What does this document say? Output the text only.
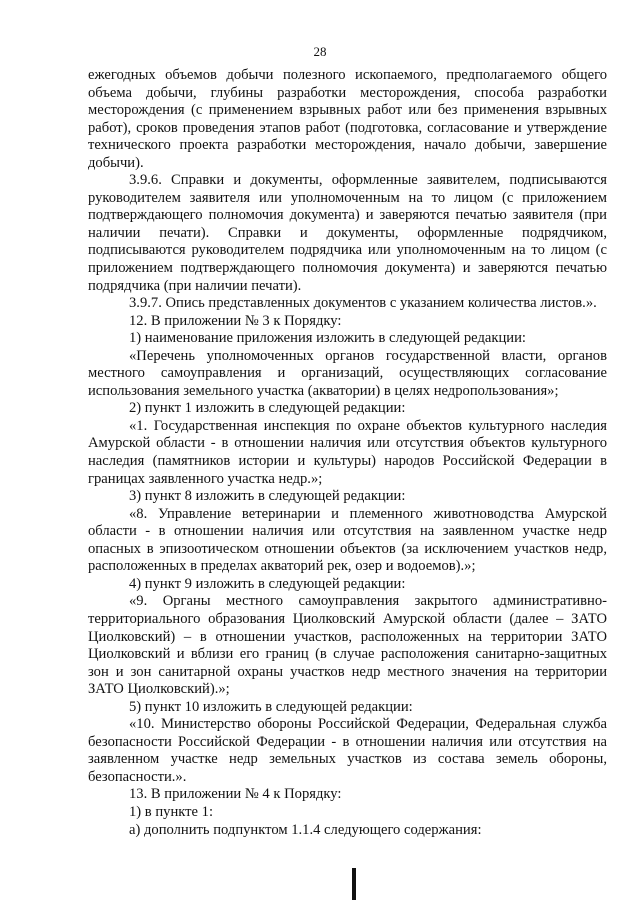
28

ежегодных объемов добычи полезного ископаемого, предполагаемого общего объема добычи, глубины разработки месторождения, способа разработки месторождения (с применением взрывных работ или без применения взрывных работ), сроков проведения этапов работ (подготовка, согласование и утверждение технического проекта разработки месторождения, начало добычи, завершение добычи).

3.9.6. Справки и документы, оформленные заявителем, подписываются руководителем заявителя или уполномоченным на то лицом (с приложением подтверждающего полномочия документа) и заверяются печатью заявителя (при наличии печати). Справки и документы, оформленные подрядчиком, подписываются руководителем подрядчика или уполномоченным на то лицом (с приложением подтверждающего полномочия документа) и заверяются печатью подрядчика (при наличии печати).

3.9.7. Опись представленных документов с указанием количества листов.».

12. В приложении № 3 к Порядку:

1) наименование приложения изложить в следующей редакции:

«Перечень уполномоченных органов государственной власти, органов местного самоуправления и организаций, осуществляющих согласование использования земельного участка (акватории) в целях недропользования»;

2) пункт 1 изложить в следующей редакции:

«1. Государственная инспекция по охране объектов культурного наследия Амурской области - в отношении наличия или отсутствия объектов культурного наследия (памятников истории и культуры) народов Российской Федерации в границах заявленного участка недр.»;

3) пункт 8 изложить в следующей редакции:

«8. Управление ветеринарии и племенного животноводства Амурской области - в отношении наличия или отсутствия на заявленном участке недр опасных в эпизоотическом отношении объектов (за исключением участков недр, расположенных в пределах акваторий рек, озер и водоемов).»;

4) пункт 9 изложить в следующей редакции:

«9. Органы местного самоуправления закрытого административно-территориального образования Циолковский Амурской области (далее – ЗАТО Циолковский) – в отношении участков, расположенных на территории ЗАТО Циолковский и вблизи его границ (в случае расположения санитарно-защитных зон и зон санитарной охраны участков недр местного значения на территории ЗАТО Циолковский).»;

5) пункт 10 изложить в следующей редакции:

«10. Министерство обороны Российской Федерации, Федеральная служба безопасности Российской Федерации - в отношении наличия или отсутствия на заявленном участке недр земельных участков из состава земель обороны, безопасности.».

13. В приложении № 4 к Порядку:

1) в пункте 1:

а) дополнить подпунктом 1.1.4 следующего содержания:
